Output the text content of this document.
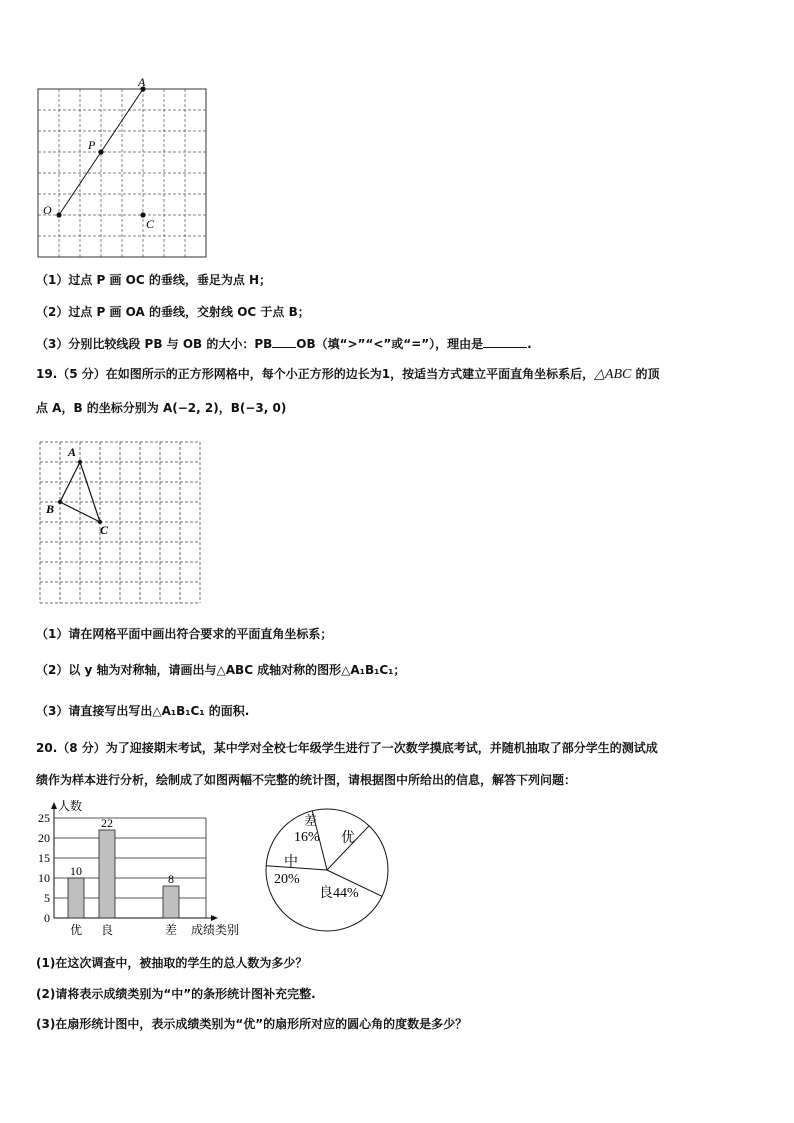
A
P
O
C
（1）过点 P 画 OC 的垂线，垂足为点 H；
（2）过点 P 画 OA 的垂线，交射线 OC 于点 B；
（3）分别比较线段 PB 与 OB 的大小：PB OB（填“>”“<”或“=”），理由是	.
19.（5 分）在如图所示的正方形网格中，每个小正方形的边长为1，按适当方式建立平面直角坐标系后，△ABC 的顶
点 A，B 的坐标分别为 A(−2, 2)，B(−3, 0)
A
B
C
（1）请在网格平面中画出符合要求的平面直角坐标系；
（2）以 y 轴为对称轴，请画出与△ABC 成轴对称的图形△A₁B₁C₁；
（3）请直接写出写出△A₁B₁C₁ 的面积.
20.（8 分）为了迎接期末考试，某中学对全校七年级学生进行了一次数学摸底考试，并随机抽取了部分学生的测试成
绩作为样本进行分析，绘制成了如图两幅不完整的统计图，请根据图中所给出的信息，解答下列问题：
人数
成绩类别
0
5
10
15
20
25
10
优
22
良
8
差
差
16% 优
良44%
中
20%
(1)在这次调查中，被抽取的学生的总人数为多少？
(2)请将表示成绩类别为“中”的条形统计图补充完整.
(3)在扇形统计图中，表示成绩类别为“优”的扇形所对应的圆心角的度数是多少？
